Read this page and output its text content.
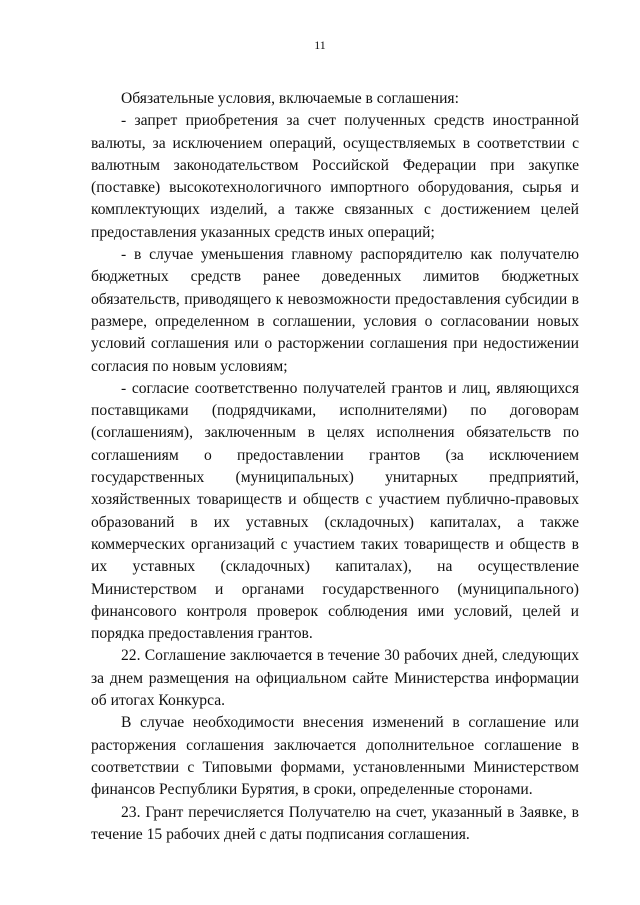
11

Обязательные условия, включаемые в соглашения:

- запрет приобретения за счет полученных средств иностранной валюты, за исключением операций, осуществляемых в соответствии с валютным законодательством Российской Федерации при закупке (поставке) высокотехнологичного импортного оборудования, сырья и комплектующих изделий, а также связанных с достижением целей предоставления указанных средств иных операций;

- в случае уменьшения главному распорядителю как получателю бюджетных средств ранее доведенных лимитов бюджетных обязательств, приводящего к невозможности предоставления субсидии в размере, определенном в соглашении, условия о согласовании новых условий соглашения или о расторжении соглашения при недостижении согласия по новым условиям;

- согласие соответственно получателей грантов и лиц, являющихся поставщиками (подрядчиками, исполнителями) по договорам (соглашениям), заключенным в целях исполнения обязательств по соглашениям о предоставлении грантов (за исключением государственных (муниципальных) унитарных предприятий, хозяйственных товариществ и обществ с участием публично-правовых образований в их уставных (складочных) капиталах, а также коммерческих организаций с участием таких товариществ и обществ в их уставных (складочных) капиталах), на осуществление Министерством и органами государственного (муниципального) финансового контроля проверок соблюдения ими условий, целей и порядка предоставления грантов.

22. Соглашение заключается в течение 30 рабочих дней, следующих за днем размещения на официальном сайте Министерства информации об итогах Конкурса.

В случае необходимости внесения изменений в соглашение или расторжения соглашения заключается дополнительное соглашение в соответствии с Типовыми формами, установленными Министерством финансов Республики Бурятия, в сроки, определенные сторонами.

23. Грант перечисляется Получателю на счет, указанный в Заявке, в течение 15 рабочих дней с даты подписания соглашения.
